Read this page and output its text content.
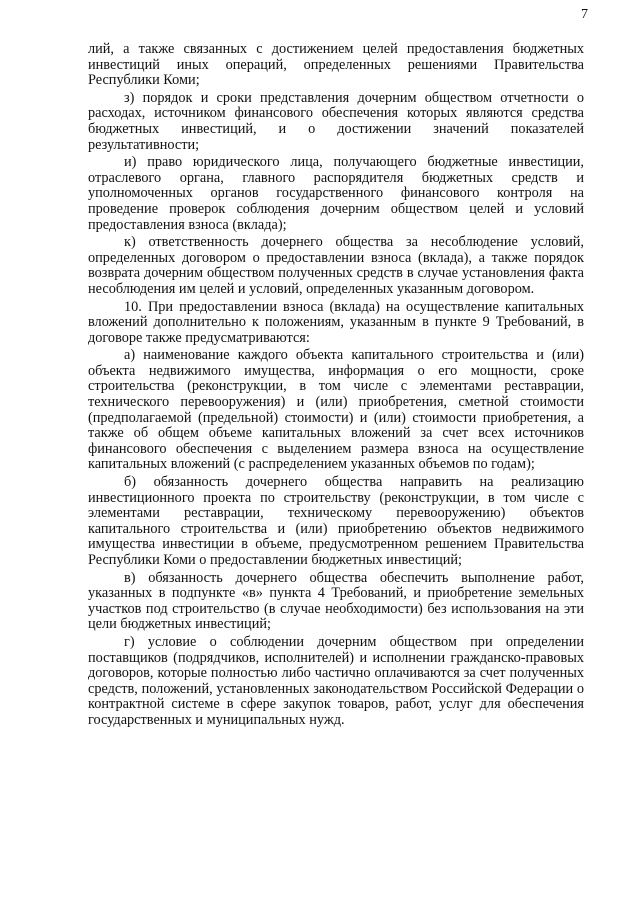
7

лий, а также связанных с достижением целей предоставления бюджетных инвестиций иных операций, определенных решениями Правительства Республики Коми;

з) порядок и сроки представления дочерним обществом отчетности о расходах, источником финансового обеспечения которых являются средства бюджетных инвестиций, и о достижении значений показателей результативности;

и) право юридического лица, получающего бюджетные инвестиции, отраслевого органа, главного распорядителя бюджетных средств и уполномоченных органов государственного финансового контроля на проведение проверок соблюдения дочерним обществом целей и условий предоставления взноса (вклада);

к) ответственность дочернего общества за несоблюдение условий, определенных договором о предоставлении взноса (вклада), а также порядок возврата дочерним обществом полученных средств в случае установления факта несоблюдения им целей и условий, определенных указанным договором.

10. При предоставлении взноса (вклада) на осуществление капитальных вложений дополнительно к положениям, указанным в пункте 9 Требований, в договоре также предусматриваются:

а) наименование каждого объекта капитального строительства и (или) объекта недвижимого имущества, информация о его мощности, сроке строительства (реконструкции, в том числе с элементами реставрации, технического перевооружения) и (или) приобретения, сметной стоимости (предполагаемой (предельной) стоимости) и (или) стоимости приобретения, а также об общем объеме капитальных вложений за счет всех источников финансового обеспечения с выделением размера взноса на осуществление капитальных вложений (с распределением указанных объемов по годам);

б) обязанность дочернего общества направить на реализацию инвестиционного проекта по строительству (реконструкции, в том числе с элементами реставрации, техническому перевооружению) объектов капитального строительства и (или) приобретению объектов недвижимого имущества инвестиции в объеме, предусмотренном решением Правительства Республики Коми о предоставлении бюджетных инвестиций;

в) обязанность дочернего общества обеспечить выполнение работ, указанных в подпункте «в» пункта 4 Требований, и приобретение земельных участков под строительство (в случае необходимости) без использования на эти цели бюджетных инвестиций;

г) условие о соблюдении дочерним обществом при определении поставщиков (подрядчиков, исполнителей) и исполнении гражданско-правовых договоров, которые полностью либо частично оплачиваются за счет полученных средств, положений, установленных законодательством Российской Федерации о контрактной системе в сфере закупок товаров, работ, услуг для обеспечения государственных и муниципальных нужд.
